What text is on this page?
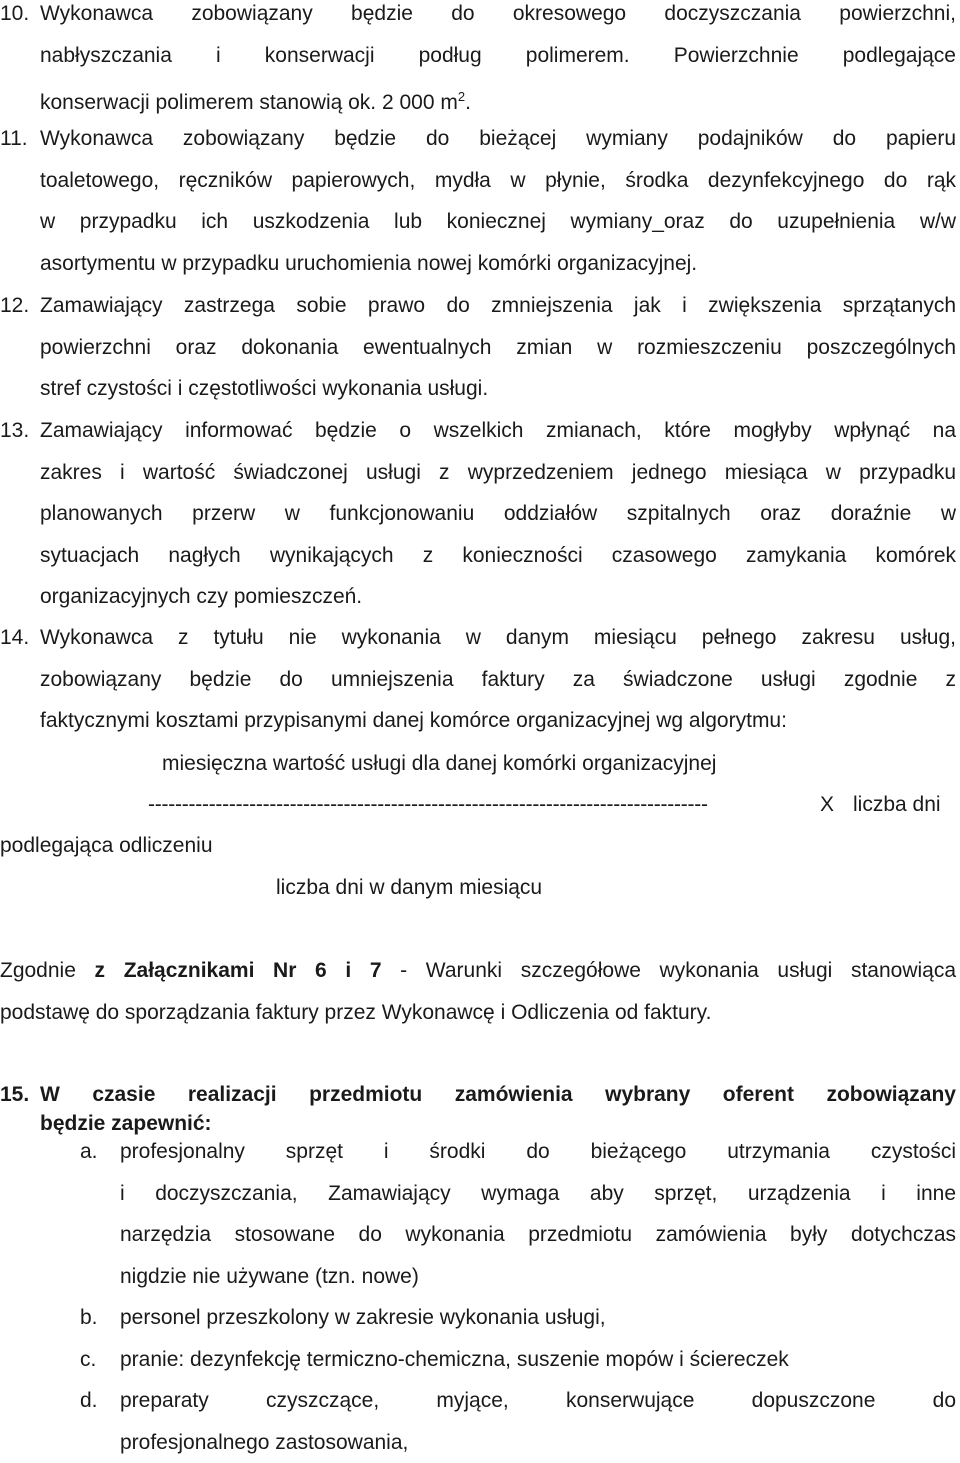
10. Wykonawca zobowiązany będzie do okresowego doczyszczania powierzchni,
nabłyszczania i konserwacji podług polimerem. Powierzchnie podlegające
konserwacji polimerem stanowią ok. 2 000 $m^2$.
11. Wykonawca zobowiązany będzie do bieżącej wymiany podajników do papieru
toaletowego, ręczników papierowych, mydła w płynie, środka dezynfekcyjnego do rąk
w przypadku ich uszkodzenia lub koniecznej wymiany_oraz do uzupełnienia w/w
asortymentu w przypadku uruchomienia nowej komórki organizacyjnej.
12. Zamawiający zastrzega sobie prawo do zmniejszenia jak i zwiększenia sprzątanych
powierzchni oraz dokonania ewentualnych zmian w rozmieszczeniu poszczególnych
stref czystości i częstotliwości wykonania usługi.
13. Zamawiający informować będzie o wszelkich zmianach, które mogłyby wpłynąć na
zakres i wartość świadczonej usługi z wyprzedzeniem jednego miesiąca w przypadku
planowanych przerw w funkcjonowaniu oddziałów szpitalnych oraz doraźnie w
sytuacjach nagłych wynikających z konieczności czasowego zamykania komórek
organizacyjnych czy pomieszczeń.
14. Wykonawca z tytułu nie wykonania w danym miesiącu pełnego zakresu usług,
zobowiązany będzie do umniejszenia faktury za świadczone usługi zgodnie z
faktycznymi kosztami przypisanymi danej komórce organizacyjnej wg algorytmu:
miesięczna wartość usługi dla danej komórki organizacyjnej
-----------------------------------------------------------------------------------	X liczba dni
podlegająca odliczeniu
liczba dni w danym miesiącu
Zgodnie z Załącznikami Nr 6 i 7 - Warunki szczegółowe wykonania usługi stanowiąca
podstawę do sporządzania faktury przez Wykonawcę i Odliczenia od faktury.
15. W czasie realizacji przedmiotu zamówienia wybrany oferent zobowiązany
będzie zapewnić:
a. profesjonalny sprzęt i środki do bieżącego utrzymania czystości
i doczyszczania, Zamawiający wymaga aby sprzęt, urządzenia i inne
narzędzia stosowane do wykonania przedmiotu zamówienia były dotychczas
nigdzie nie używane (tzn. nowe)
b. personel przeszkolony w zakresie wykonania usługi,
c. pranie: dezynfekcję termiczno-chemiczna, suszenie mopów i ściereczek
d. preparaty czyszczące, myjące, konserwujące dopuszczone do
profesjonalnego zastosowania,
